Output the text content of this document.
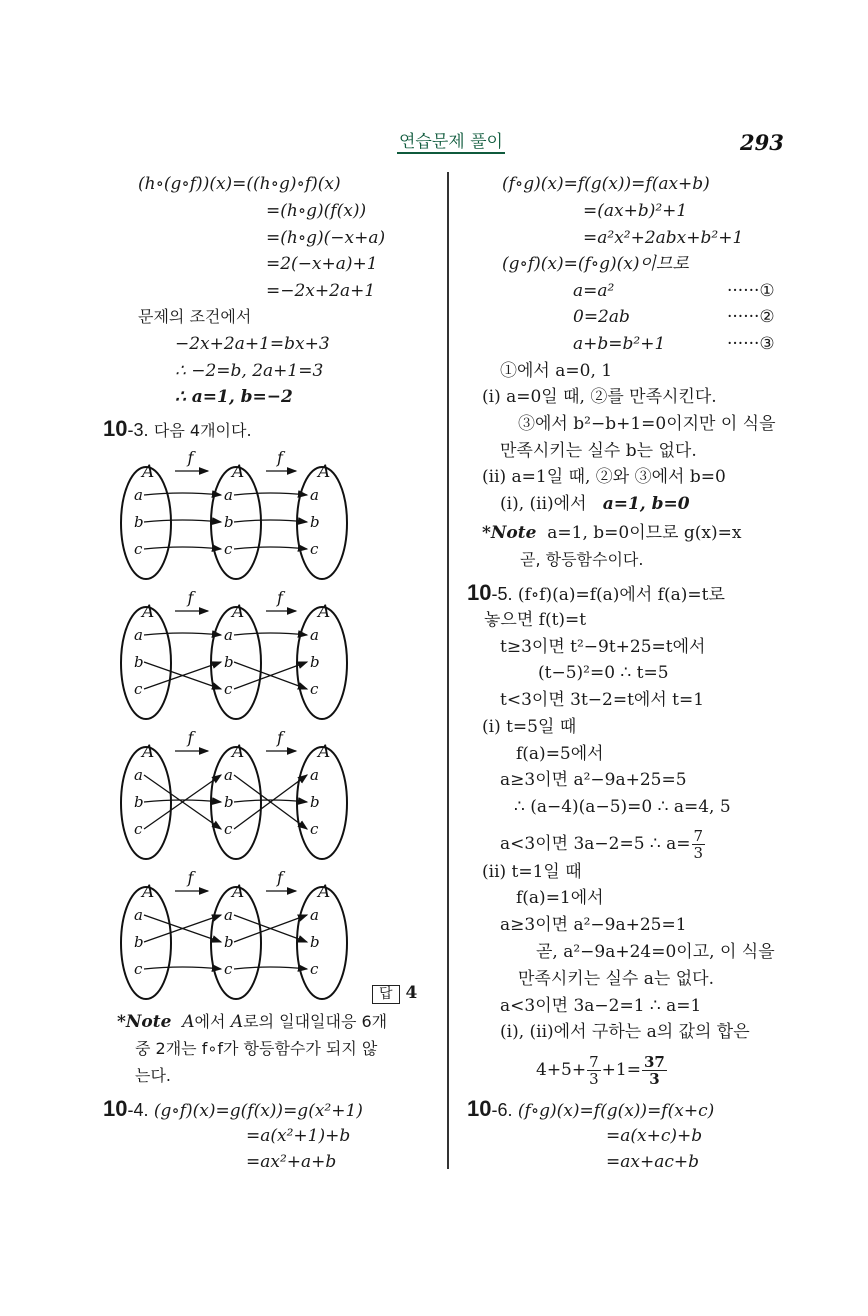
연습문제 풀이	293
(h∘(g∘f))(x)=((h∘g)∘f)(x)
=(h∘g)(f(x))
=(h∘g)(−x+a)
=2(−x+a)+1
=−2x+2a+1
문제의 조건에서
−2x+2a+1=bx+3
∴ −2=b, 2a+1=3
∴ a=1, b=−2
10-3. 다음 4개이다.
A
a
b
c
A
a
b
c
A
a
b
c
f	f
A
a
b
c
A
a
b
c
A
a
b
c
f	f
A
a
b
c
A
a
b
c
A
a
b
c
f	f
A
a
b
c
A
a
b
c
A
a
b
c
f	f
답 4
*Note A에서 A로의 일대일대응 6개
중 2개는 f∘f가 항등함수가 되지 않
는다.
10-4. (g∘f)(x)=g(f(x))=g(x²+1)
=a(x²+1)+b
=ax²+a+b
(f∘g)(x)=f(g(x))=f(ax+b)
=(ax+b)²+1
=a²x²+2abx+b²+1
(g∘f)(x)=(f∘g)(x)이므로
a=a²	······①
0=2ab	······②
a+b=b²+1	······③
①에서 a=0, 1
(i) a=0일 때, ②를 만족시킨다.
③에서 b²−b+1=0이지만 이 식을
만족시키는 실수 b는 없다.
(ii) a=1일 때, ②와 ③에서 b=0
(i), (ii)에서 a=1, b=0
*Note a=1, b=0이므로 g(x)=x
곧, 항등함수이다.
10-5. (f∘f)(a)=f(a)에서 f(a)=t로
놓으면 f(t)=t
t≥3이면 t²−9t+25=t에서
(t−5)²=0 ∴ t=5
t<3이면 3t−2=t에서 t=1
(i) t=5일 때
f(a)=5에서
a≥3이면 a²−9a+25=5
∴ (a−4)(a−5)=0 ∴ a=4, 5
a<3이면 3a−2=5 ∴ $a= \frac{7}{3}$
(ii) t=1일 때
f(a)=1에서
a≥3이면 a²−9a+25=1
곧, a²−9a+24=0이고, 이 식을
만족시키는 실수 a는 없다.
a<3이면 3a−2=1 ∴ a=1
(i), (ii)에서 구하는 a의 값의 합은
$4+5+ \frac{7}{3} +1= \frac{37}{3}$
10-6. (f∘g)(x)=f(g(x))=f(x+c)
=a(x+c)+b
=ax+ac+b
